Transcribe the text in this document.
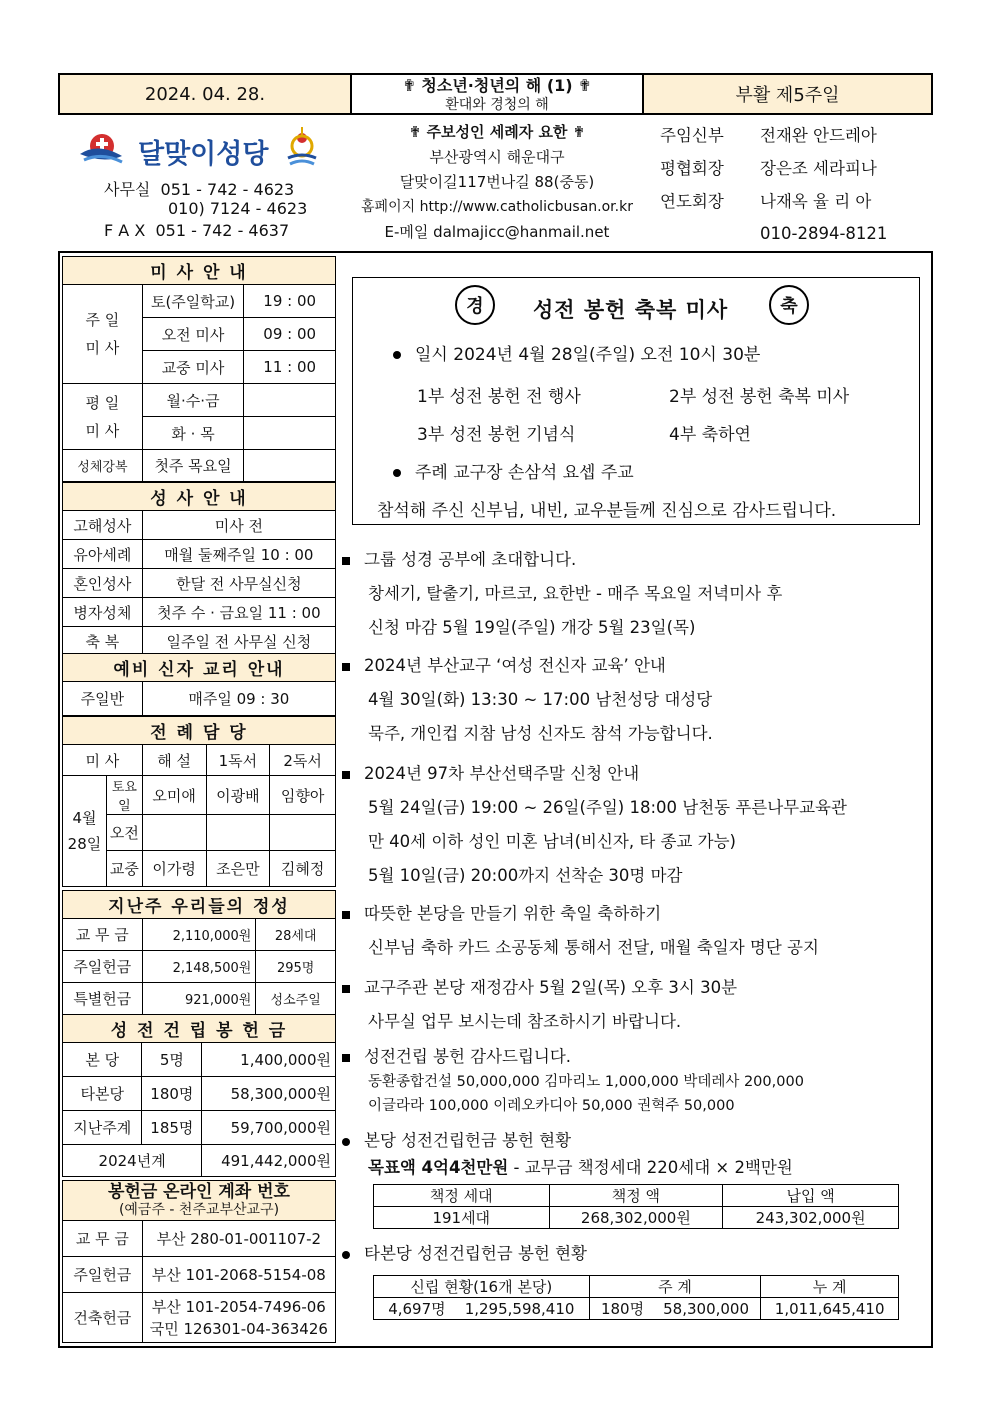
2024. 04. 28.	✟ 청소년·청년의 해 (1) ✟
환대와 경청의 해	부활 제5주일
달맞이성당
사무실  051 - 742 - 4623
010) 7124 - 4623
F A X  051 - 742 - 4637
✟ 주보성인 세례자 요한 ✟
부산광역시 해운대구
달맞이길117번나길 88(중동)
홈페이지 http://www.catholicbusan.or.kr
E-메일 dalmajicc@hanmail.net
주임신부 전재완 안드레아
평협회장 장은조 세라피나
연도회장 나재옥 율 리 아
010-2894-8121
미 사 안 내		
주 일
미 사	토(주일학교)	19 : 00
	오전 미사	09 : 00
	교중 미사	11 : 00
평 일
미 사	월·수·금	
	화 · 목	
성체강복	첫주 목요일	
성 사 안 내	
고해성사	미사 전
유아세례	매월 둘째주일 10 : 00
혼인성사	한달 전 사무실신청
병자성체	첫주 수 · 금요일 11 : 00
축 복	일주일 전 사무실 신청
예비 신자 교리 안내
주일반	매주일 09 : 30
전 례 담 당				
미 사		해 설	1독서	2독서
4월
28일	토요일	오미애	이광배	임향아
	오전			
	교중	이가령	조은만	김혜정
지난주 우리들의 정성		
교 무 금	2,110,000원	28세대
주일헌금	2,148,500원	295명
특별헌금	921,000원	성소주일
성 전 건 립 봉 헌 금		
본 당	5명	1,400,000원
타본당	180명	58,300,000원
지난주계	185명	59,700,000원
2024년계		491,442,000원
봉헌금 온라인 계좌 번호
(예금주 - 천주교부산교구)	

교 무 금	부산 280-01-001107-2
주일헌금	부산 101-2068-5154-08
건축헌금	부산 101-2054-7496-06
국민 126301-04-363426
경 성전 봉헌 축복 미사	축
일시 2024년 4월 28일(주일) 오전 10시 30분
1부 성전 봉헌 전 행사	2부 성전 봉헌 축복 미사
3부 성전 봉헌 기념식	4부 축하연
주례 교구장 손삼석 요셉 주교
참석해 주신 신부님, 내빈, 교우분들께 진심으로 감사드립니다.
그룹 성경 공부에 초대합니다.
창세기, 탈출기, 마르코, 요한반 - 매주 목요일 저녁미사 후
신청 마감 5월 19일(주일) 개강 5월 23일(목)
2024년 부산교구 ‘여성 전신자 교육’ 안내
4월 30일(화) 13:30 ~ 17:00 남천성당 대성당
묵주, 개인컵 지참 남성 신자도 참석 가능합니다.
2024년 97차 부산선택주말 신청 안내
5월 24일(금) 19:00 ~ 26일(주일) 18:00 남천동 푸른나무교육관
만 40세 이하 성인 미혼 남녀(비신자, 타 종교 가능)
5월 10일(금) 20:00까지 선착순 30명 마감
따뜻한 본당을 만들기 위한 축일 축하하기
신부님 축하 카드 소공동체 통해서 전달, 매월 축일자 명단 공지
교구주관 본당 재정감사 5월 2일(목) 오후 3시 30분
사무실 업무 보시는데 참조하시기 바랍니다.
성전건립 봉헌 감사드립니다.
동환종합건설 50,000,000 김마리노 1,000,000 박데레사 200,000
이글라라 100,000 이레오카디아 50,000 권혁주 50,000
본당 성전건립헌금 봉헌 현황
목표액 4억4천만원 - 교무금 책정세대 220세대 × 2백만원
책정 세대	책정 액	납입 액
191세대	268,302,000원	243,302,000원
타본당 성전건립헌금 봉헌 현황
신립 현황(16개 본당)	주 계	누 계
4,697명    1,295,598,410	180명    58,300,000	1,011,645,410
